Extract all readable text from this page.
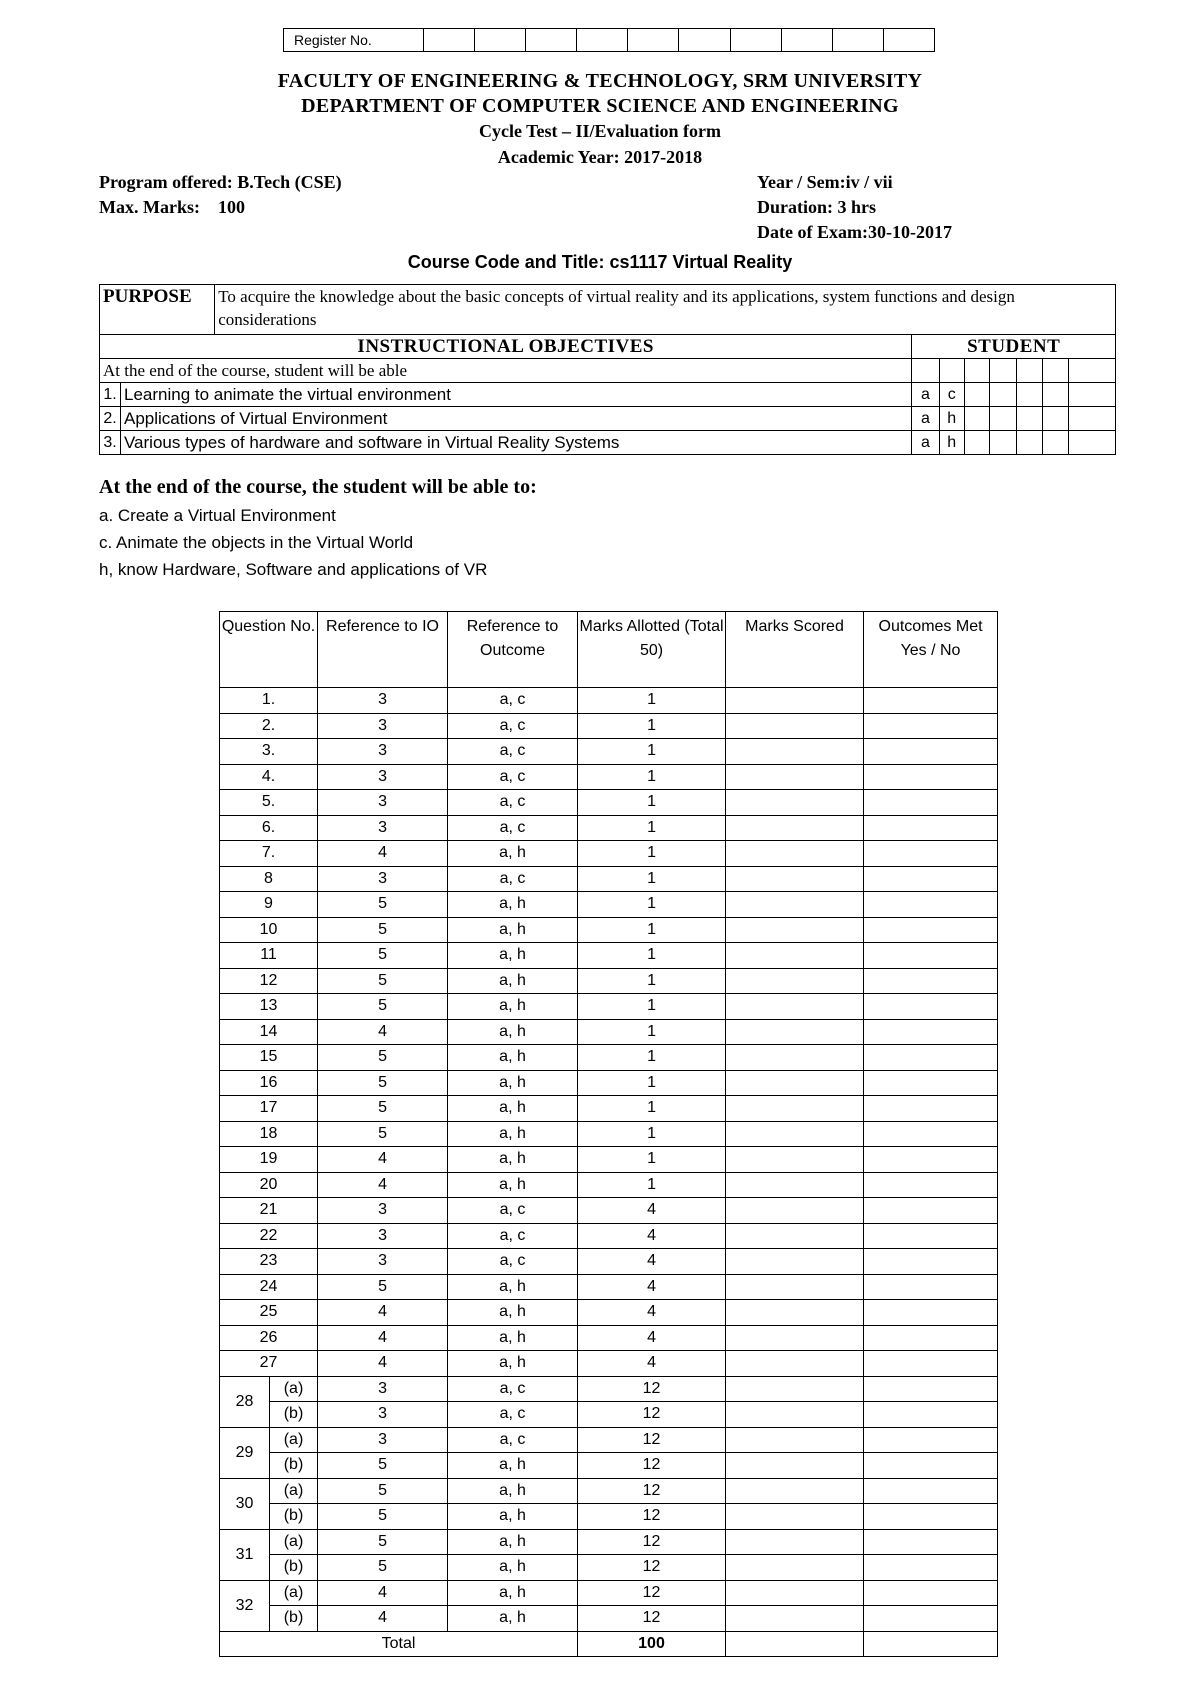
Register No.
FACULTY OF ENGINEERING & TECHNOLOGY, SRM UNIVERSITY
DEPARTMENT OF COMPUTER SCIENCE AND ENGINEERING
Cycle Test – II/Evaluation form
Academic Year: 2017-2018
Program offered: B.Tech (CSE)
Max. Marks:    100
Year / Sem:iv / vii
Duration: 3 hrs
Date of Exam:30-10-2017
Course Code and Title: cs1117 Virtual Reality
PURPOSE		To acquire the knowledge about the basic concepts of virtual reality and its applications, system functions and design considerations							
INSTRUCTIONAL OBJECTIVES			STUDENT						
At the end of the course, student will be able									
1.	Learning to animate the virtual environment		a	c					
2.	Applications of Virtual Environment		a	h					
3.	Various types of hardware and software in Virtual Reality Systems		a	h					
At the end of the course, the student will be able to:
a. Create a Virtual Environment
c. Animate the objects in the Virtual World
h, know Hardware, Software and applications of VR
Question No.		Reference to IO	Reference to Outcome	Marks Allotted (Total 50)	Marks Scored	Outcomes Met Yes / No
1.		3	a, c	1		
2.		3	a, c	1		
3.		3	a, c	1		
4.		3	a, c	1		
5.		3	a, c	1		
6.		3	a, c	1		
7.		4	a, h	1		
8		3	a, c	1		
9		5	a, h	1		
10		5	a, h	1		
11		5	a, h	1		
12		5	a, h	1		
13		5	a, h	1		
14		4	a, h	1		
15		5	a, h	1		
16		5	a, h	1		
17		5	a, h	1		
18		5	a, h	1		
19		4	a, h	1		
20		4	a, h	1		
21		3	a, c	4		
22		3	a, c	4		
23		3	a, c	4		
24		5	a, h	4		
25		4	a, h	4		
26		4	a, h	4		
27		4	a, h	4		
28	(a)	3	a, c	12		
	(b)	3	a, c	12		
29	(a)	3	a, c	12		
	(b)	5	a, h	12		
30	(a)	5	a, h	12		
	(b)	5	a, h	12		
31	(a)	5	a, h	12		
	(b)	5	a, h	12		
32	(a)	4	a, h	12		
	(b)	4	a, h	12		
Total				100		
